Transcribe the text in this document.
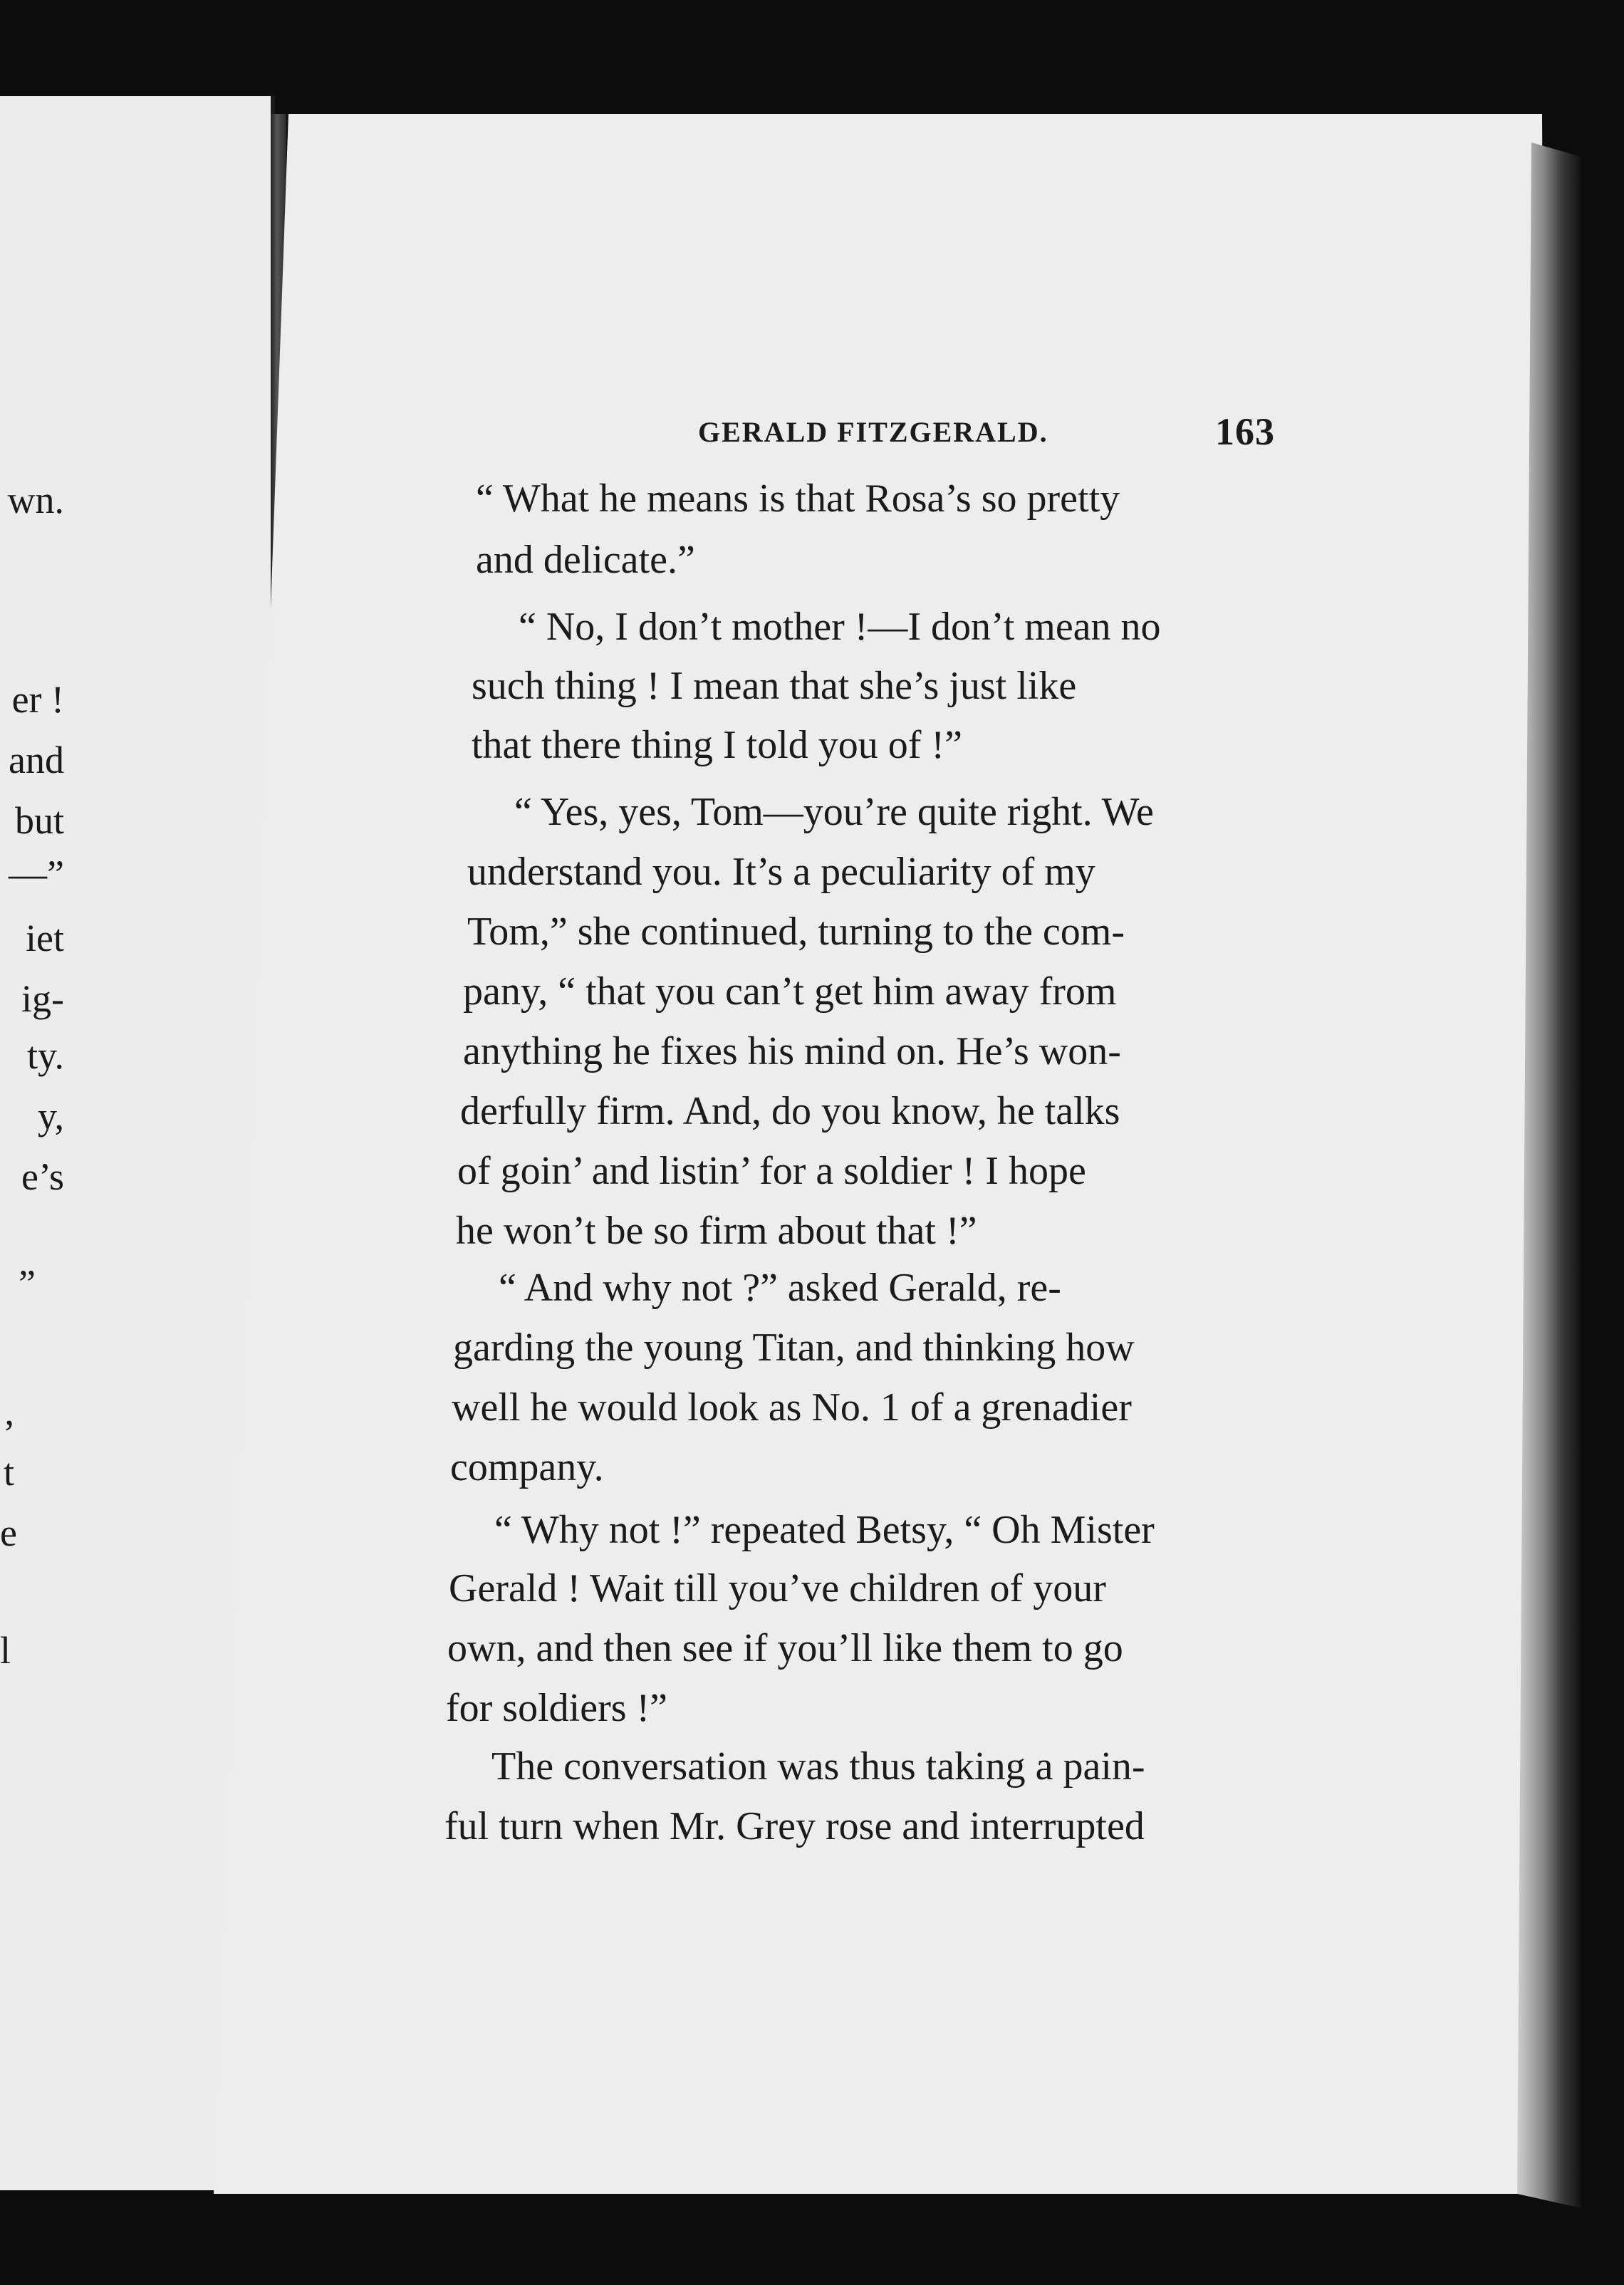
wn.
er !
and
but
—”
iet
ig-
ty.
y,
e’s
”
,
t
e
l
GERALD FITZGERALD.	163
“ What he means is that Rosa’s so pretty
and delicate.”
“ No, I don’t mother !—I don’t mean no
such thing ! I mean that she’s just like
that there thing I told you of !”
“ Yes, yes, Tom—you’re quite right. We
understand you. It’s a peculiarity of my
Tom,” she continued, turning to the com-
pany, “ that you can’t get him away from
anything he fixes his mind on. He’s won-
derfully firm. And, do you know, he talks
of goin’ and listin’ for a soldier ! I hope
he won’t be so firm about that !”
“ And why not ?” asked Gerald, re-
garding the young Titan, and thinking how
well he would look as No. 1 of a grenadier
company.
“ Why not !” repeated Betsy, “ Oh Mister
Gerald ! Wait till you’ve children of your
own, and then see if you’ll like them to go
for soldiers !”
The conversation was thus taking a pain-
ful turn when Mr. Grey rose and interrupted
